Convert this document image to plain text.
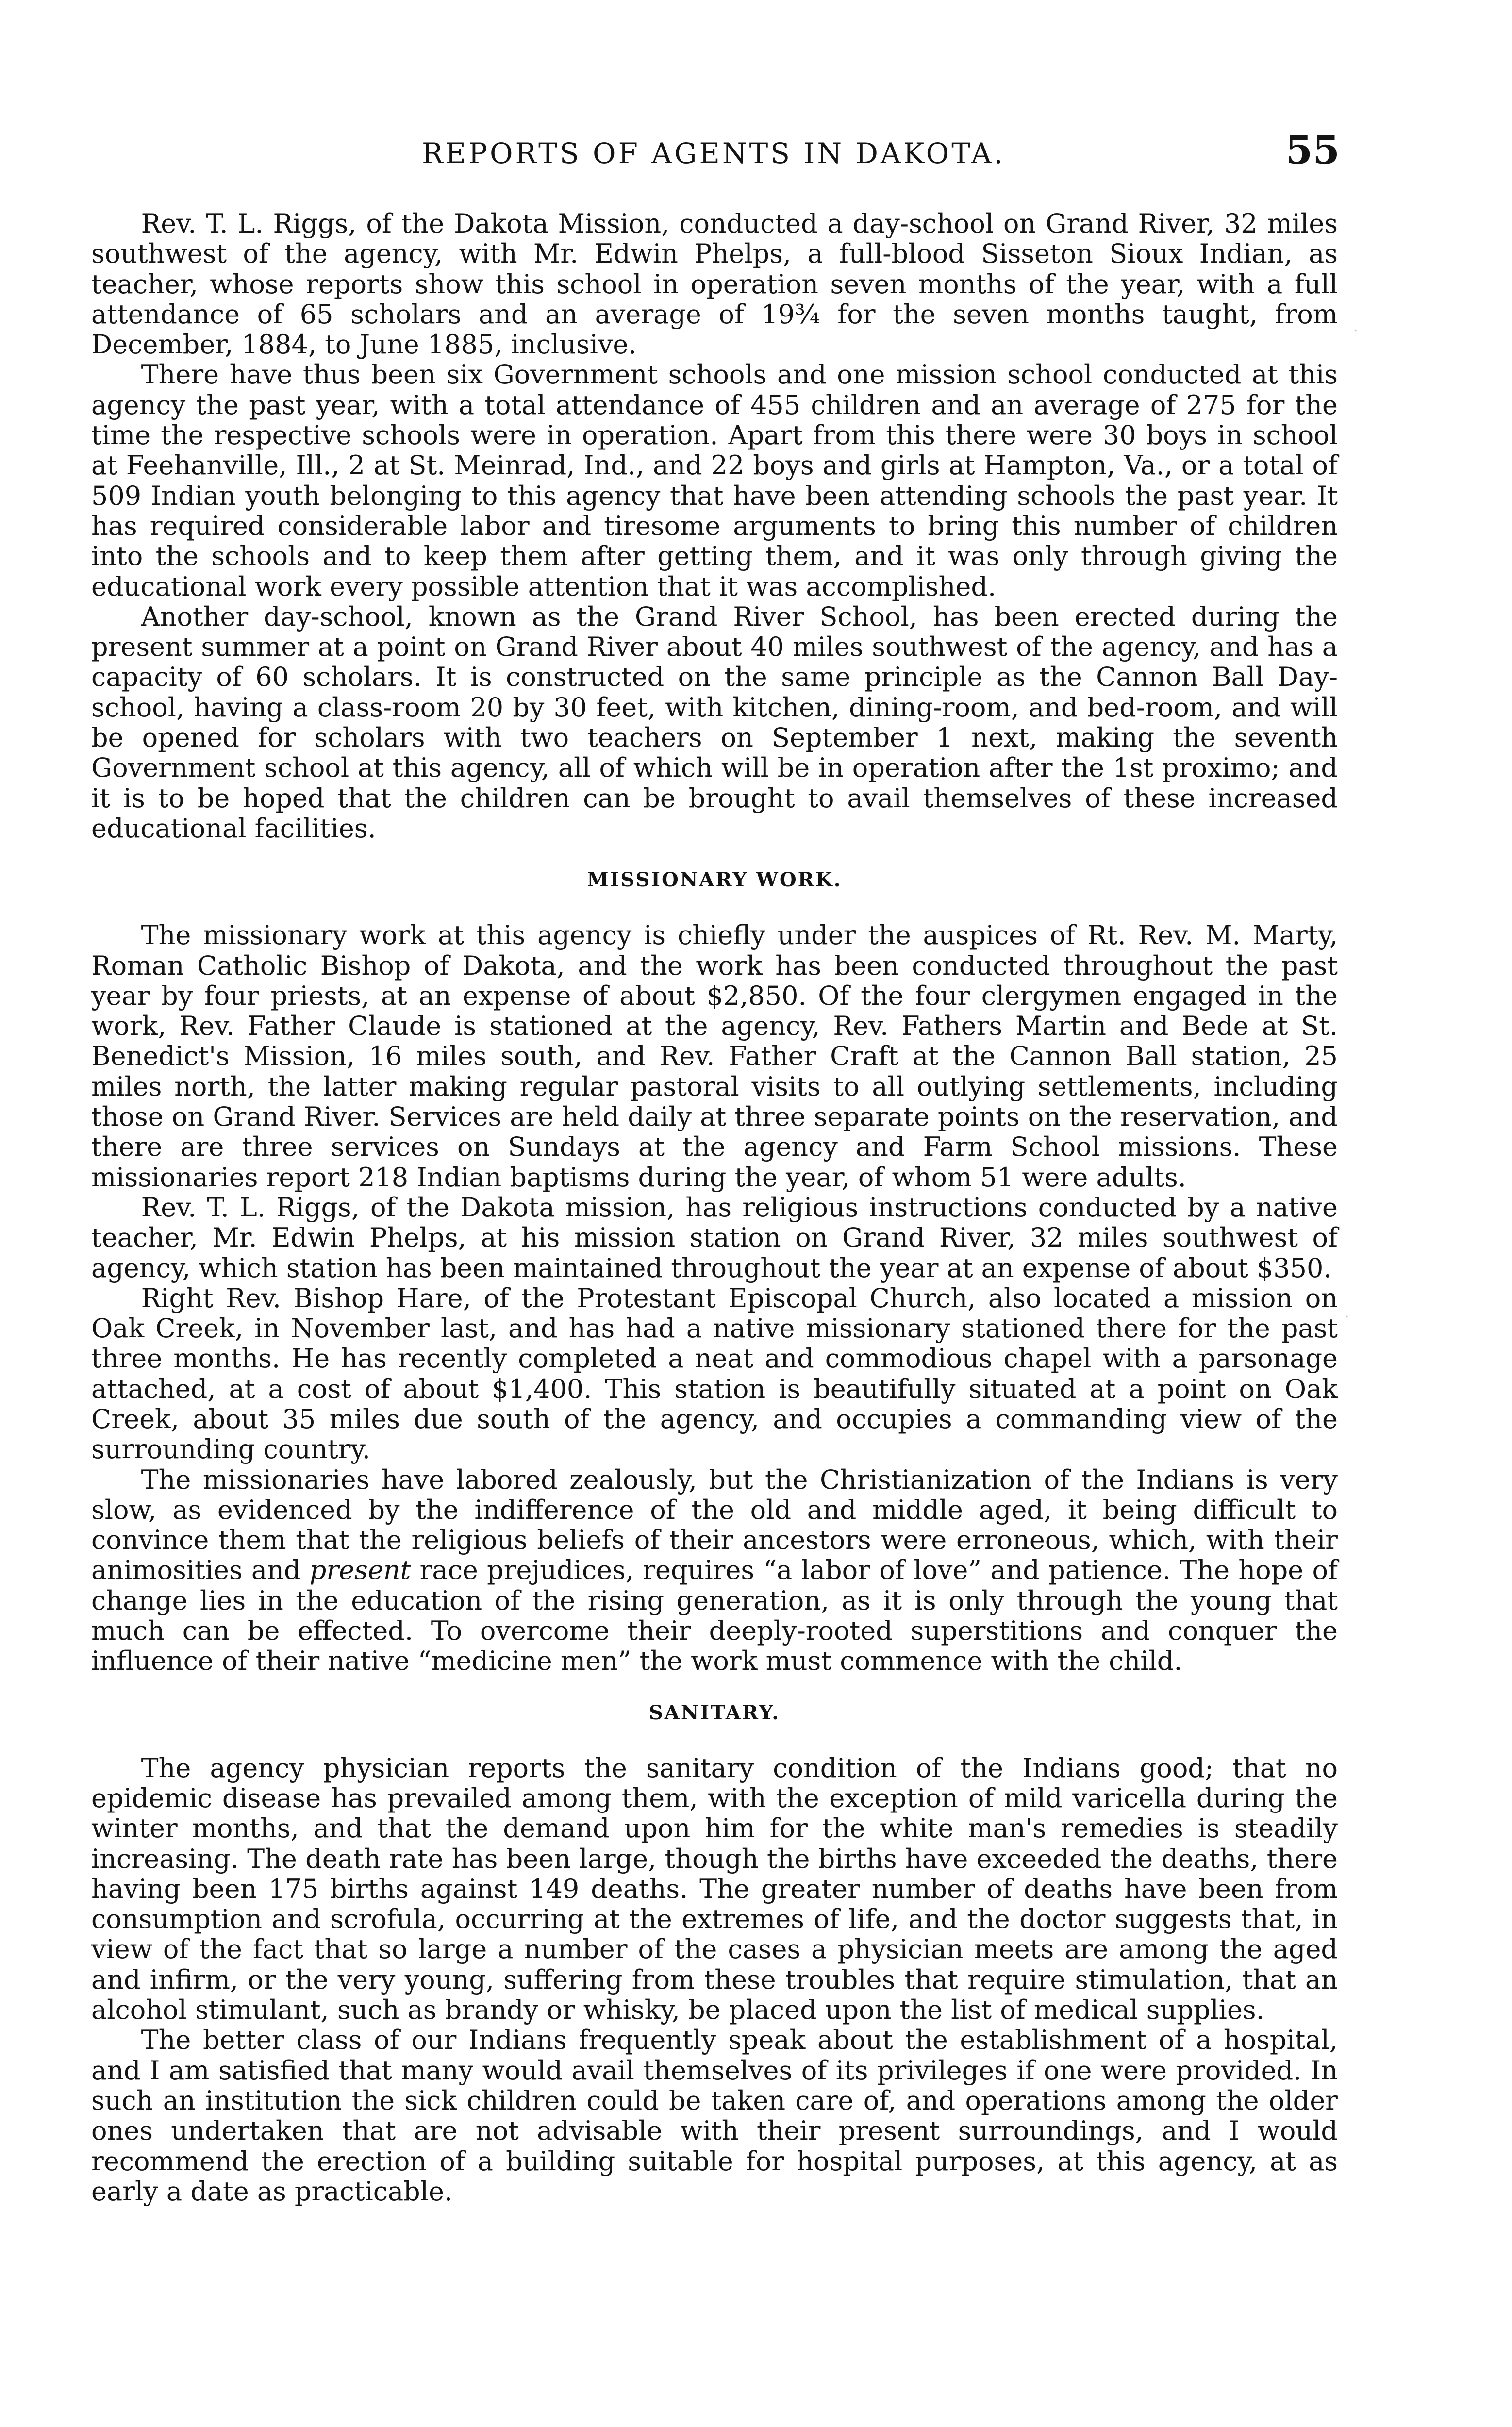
REPORTS OF AGENTS IN DAKOTA.	55
.
.

Rev. T. L. Riggs, of the Dakota Mission, conducted a day-school on Grand River, 32 miles southwest of the agency, with Mr. Edwin Phelps, a full-blood Sisseton Sioux Indian, as teacher, whose reports show this school in operation seven months of the year, with a full attendance of 65 scholars and an average of 19¾ for the seven months taught, from December, 1884, to June 1885, inclusive.

There have thus been six Government schools and one mission school conducted at this agency the past year, with a total attendance of 455 children and an average of 275 for the time the respective schools were in operation. Apart from this there were 30 boys in school at Feehanville, Ill., 2 at St. Meinrad, Ind., and 22 boys and girls at Hampton, Va., or a total of 509 Indian youth belonging to this agency that have been attending schools the past year. It has required considerable labor and tiresome arguments to bring this number of children into the schools and to keep them after getting them, and it was only through giving the educational work every possible attention that it was accomplished.

Another day-school, known as the Grand River School, has been erected during the present summer at a point on Grand River about 40 miles southwest of the agency, and has a capacity of 60 scholars. It is constructed on the same principle as the Cannon Ball Day-school, having a class-room 20 by 30 feet, with kitchen, dining-room, and bed-room, and will be opened for scholars with two teachers on September 1 next, making the seventh Government school at this agency, all of which will be in operation after the 1st proximo; and it is to be hoped that the children can be brought to avail themselves of these increased educational facilities.

MISSIONARY WORK.

The missionary work at this agency is chiefly under the auspices of Rt. Rev. M. Marty, Roman Catholic Bishop of Dakota, and the work has been conducted throughout the past year by four priests, at an expense of about $2,850. Of the four clergymen engaged in the work, Rev. Father Claude is stationed at the agency, Rev. Fathers Martin and Bede at St. Benedict's Mission, 16 miles south, and Rev. Father Craft at the Cannon Ball station, 25 miles north, the latter making regular pastoral visits to all outlying settlements, including those on Grand River. Services are held daily at three separate points on the reservation, and there are three services on Sundays at the agency and Farm School missions. These missionaries report 218 Indian baptisms during the year, of whom 51 were adults.

Rev. T. L. Riggs, of the Dakota mission, has religious instructions conducted by a native teacher, Mr. Edwin Phelps, at his mission station on Grand River, 32 miles southwest of agency, which station has been maintained throughout the year at an expense of about $350.

Right Rev. Bishop Hare, of the Protestant Episcopal Church, also located a mission on Oak Creek, in November last, and has had a native missionary stationed there for the past three months. He has recently completed a neat and commodious chapel with a parsonage attached, at a cost of about $1,400. This station is beautifully situated at a point on Oak Creek, about 35 miles due south of the agency, and occupies a commanding view of the surrounding country.

The missionaries have labored zealously, but the Christianization of the Indians is very slow, as evidenced by the indifference of the old and middle aged, it being difficult to convince them that the religious beliefs of their ancestors were erroneous, which, with their animosities and present race prejudices, requires “a labor of love” and patience. The hope of change lies in the education of the rising generation, as it is only through the young that much can be effected. To overcome their deeply-rooted superstitions and conquer the influence of their native “medicine men” the work must commence with the child.

SANITARY.

The agency physician reports the sanitary condition of the Indians good; that no epidemic disease has prevailed among them, with the exception of mild varicella during the winter months, and that the demand upon him for the white man's remedies is steadily increasing. The death rate has been large, though the births have exceeded the deaths, there having been 175 births against 149 deaths. The greater number of deaths have been from consumption and scrofula, occurring at the extremes of life, and the doctor suggests that, in view of the fact that so large a number of the cases a physician meets are among the aged and infirm, or the very young, suffering from these troubles that require stimulation, that an alcohol stimulant, such as brandy or whisky, be placed upon the list of medical supplies.

The better class of our Indians frequently speak about the establishment of a hospital, and I am satisfied that many would avail themselves of its privileges if one were provided. In such an institution the sick children could be taken care of, and operations among the older ones undertaken that are not advisable with their present surroundings, and I would recommend the erection of a building suitable for hospital purposes, at this agency, at as early a date as practicable.
